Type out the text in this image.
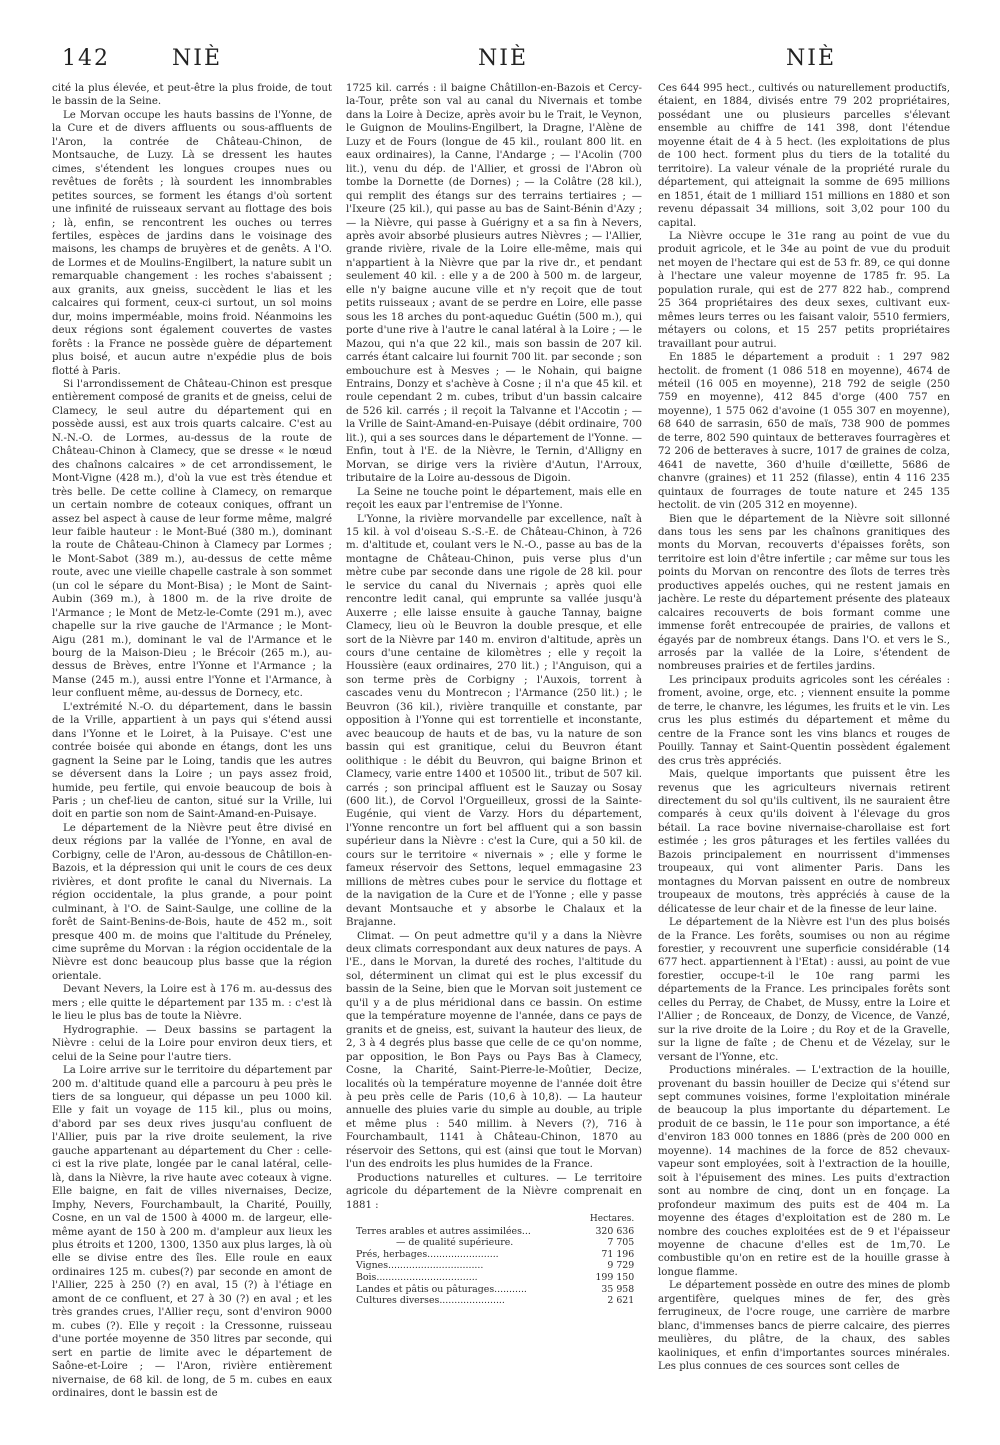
142	NIÈ	NIÈ	NIÈ

cité la plus élevée, et peut-être la plus froide, de tout le bassin de la Seine.

Le Morvan occupe les hauts bassins de l'Yonne, de la Cure et de divers affluents ou sous-affluents de l'Aron, la contrée de Château-Chinon, de Montsauche, de Luzy. Là se dressent les hautes cimes, s'étendent les longues croupes nues ou revêtues de forêts ; là sourdent les innombrables petites sources, se forment les étangs d'où sortent une infinité de ruisseaux servant au flottage des bois ; là, enfin, se rencontrent les ouches ou terres fertiles, espèces de jardins dans le voisinage des maisons, les champs de bruyères et de genêts. A l'O. de Lormes et de Moulins-Engilbert, la nature subit un remarquable changement : les roches s'abaissent ; aux granits, aux gneiss, succèdent le lias et les calcaires qui forment, ceux-ci surtout, un sol moins dur, moins imperméable, moins froid. Néanmoins les deux régions sont également couvertes de vastes forêts : la France ne possède guère de département plus boisé, et aucun autre n'expédie plus de bois flotté à Paris.

Si l'arrondissement de Château-Chinon est presque entièrement composé de granits et de gneiss, celui de Clamecy, le seul autre du département qui en possède aussi, est aux trois quarts calcaire. C'est au N.-N.-O. de Lormes, au-dessus de la route de Château-Chinon à Clamecy, que se dresse « le nœud des chaînons calcaires » de cet arrondissement, le Mont-Vigne (428 m.), d'où la vue est très étendue et très belle. De cette colline à Clamecy, on remarque un certain nombre de coteaux coniques, offrant un assez bel aspect à cause de leur forme même, malgré leur faible hauteur : le Mont-Bué (380 m.), dominant la route de Château-Chinon à Clamecy par Lormes ; le Mont-Sabot (389 m.), au-dessus de cette même route, avec une vieille chapelle castrale à son sommet (un col le sépare du Mont-Bisa) ; le Mont de Saint-Aubin (369 m.), à 1800 m. de la rive droite de l'Armance ; le Mont de Metz-le-Comte (291 m.), avec chapelle sur la rive gauche de l'Armance ; le Mont-Aigu (281 m.), dominant le val de l'Armance et le bourg de la Maison-Dieu ; le Brécoir (265 m.), au-dessus de Brèves, entre l'Yonne et l'Armance ; la Manse (245 m.), aussi entre l'Yonne et l'Armance, à leur confluent même, au-dessus de Dornecy, etc.

L'extrémité N.-O. du département, dans le bassin de la Vrille, appartient à un pays qui s'étend aussi dans l'Yonne et le Loiret, à la Puisaye. C'est une contrée boisée qui abonde en étangs, dont les uns gagnent la Seine par le Loing, tandis que les autres se déversent dans la Loire ; un pays assez froid, humide, peu fertile, qui envoie beaucoup de bois à Paris ; un chef-lieu de canton, situé sur la Vrille, lui doit en partie son nom de Saint-Amand-en-Puisaye.

Le département de la Nièvre peut être divisé en deux régions par la vallée de l'Yonne, en aval de Corbigny, celle de l'Aron, au-dessous de Châtillon-en-Bazois, et la dépression qui unit le cours de ces deux rivières, et dont profite le canal du Nivernais. La région occidentale, la plus grande, a pour point culminant, à l'O. de Saint-Saulge, une colline de la forêt de Saint-Benins-de-Bois, haute de 452 m., soit presque 400 m. de moins que l'altitude du Préneley, cime suprême du Morvan : la région occidentale de la Nièvre est donc beaucoup plus basse que la région orientale.

Devant Nevers, la Loire est à 176 m. au-dessus des mers ; elle quitte le département par 135 m. : c'est là le lieu le plus bas de toute la Nièvre.

Hydrographie. — Deux bassins se partagent la Nièvre : celui de la Loire pour environ deux tiers, et celui de la Seine pour l'autre tiers.

La Loire arrive sur le territoire du département par 200 m. d'altitude quand elle a parcouru à peu près le tiers de sa longueur, qui dépasse un peu 1000 kil. Elle y fait un voyage de 115 kil., plus ou moins, d'abord par ses deux rives jusqu'au confluent de l'Allier, puis par la rive droite seulement, la rive gauche appartenant au département du Cher : celle-ci est la rive plate, longée par le canal latéral, celle-là, dans la Nièvre, la rive haute avec coteaux à vigne. Elle baigne, en fait de villes nivernaises, Decize, Imphy, Nevers, Fourchambault, la Charité, Pouilly, Cosne, en un val de 1500 à 4000 m. de largeur, elle-même ayant de 150 à 200 m. d'ampleur aux lieux les plus étroits et 1200, 1300, 1350 aux plus larges, là où elle se divise entre des îles. Elle roule en eaux ordinaires 125 m. cubes(?) par seconde en amont de l'Allier, 225 à 250 (?) en aval, 15 (?) à l'étiage en amont de ce confluent, et 27 à 30 (?) en aval ; et les très grandes crues, l'Allier reçu, sont d'environ 9000 m. cubes (?). Elle y reçoit : la Cressonne, ruisseau d'une portée moyenne de 350 litres par seconde, qui sert en partie de limite avec le département de Saône-et-Loire ; — l'Aron, rivière entièrement nivernaise, de 68 kil. de long, de 5 m. cubes en eaux ordinaires, dont le bassin est de

1725 kil. carrés : il baigne Châtillon-en-Bazois et Cercy-la-Tour, prête son val au canal du Nivernais et tombe dans la Loire à Decize, après avoir bu le Trait, le Veynon, le Guignon de Moulins-Engilbert, la Dragne, l'Alène de Luzy et de Fours (longue de 45 kil., roulant 800 lit. en eaux ordinaires), la Canne, l'Andarge ; — l'Acolin (700 lit.), venu du dép. de l'Allier, et grossi de l'Abron où tombe la Dornette (de Dornes) ; — la Colâtre (28 kil.), qui remplit des étangs sur des terrains tertiaires ; — l'Ixeure (25 kil.), qui passe au bas de Saint-Bénin d'Azy ; — la Nièvre, qui passe à Guérigny et a sa fin à Nevers, après avoir absorbé plusieurs autres Nièvres ; — l'Allier, grande rivière, rivale de la Loire elle-même, mais qui n'appartient à la Nièvre que par la rive dr., et pendant seulement 40 kil. : elle y a de 200 à 500 m. de largeur, elle n'y baigne aucune ville et n'y reçoit que de tout petits ruisseaux ; avant de se perdre en Loire, elle passe sous les 18 arches du pont-aqueduc Guétin (500 m.), qui porte d'une rive à l'autre le canal latéral à la Loire ; — le Mazou, qui n'a que 22 kil., mais son bassin de 207 kil. carrés étant calcaire lui fournit 700 lit. par seconde ; son embouchure est à Mesves ; — le Nohain, qui baigne Entrains, Donzy et s'achève à Cosne ; il n'a que 45 kil. et roule cependant 2 m. cubes, tribut d'un bassin calcaire de 526 kil. carrés ; il reçoit la Talvanne et l'Accotin ; — la Vrille de Saint-Amand-en-Puisaye (débit ordinaire, 700 lit.), qui a ses sources dans le département de l'Yonne. — Enfin, tout à l'E. de la Nièvre, le Ternin, d'Alligny en Morvan, se dirige vers la rivière d'Autun, l'Arroux, tributaire de la Loire au-dessous de Digoin.

La Seine ne touche point le département, mais elle en reçoit les eaux par l'entremise de l'Yonne.

L'Yonne, la rivière morvandelle par excellence, naît à 15 kil. à vol d'oiseau S.-S.-E. de Château-Chinon, à 726 m. d'altitude et, coulant vers le N.-O., passe au bas de la montagne de Château-Chinon, puis verse plus d'un mètre cube par seconde dans une rigole de 28 kil. pour le service du canal du Nivernais ; après quoi elle rencontre ledit canal, qui emprunte sa vallée jusqu'à Auxerre ; elle laisse ensuite à gauche Tannay, baigne Clamecy, lieu où le Beuvron la double presque, et elle sort de la Nièvre par 140 m. environ d'altitude, après un cours d'une centaine de kilomètres ; elle y reçoit la Houssière (eaux ordinaires, 270 lit.) ; l'Anguison, qui a son terme près de Corbigny ; l'Auxois, torrent à cascades venu du Montrecon ; l'Armance (250 lit.) ; le Beuvron (36 kil.), rivière tranquille et constante, par opposition à l'Yonne qui est torrentielle et inconstante, avec beaucoup de hauts et de bas, vu la nature de son bassin qui est granitique, celui du Beuvron étant oolithique : le débit du Beuvron, qui baigne Brinon et Clamecy, varie entre 1400 et 10500 lit., tribut de 507 kil. carrés ; son principal affluent est le Sauzay ou Sosay (600 lit.), de Corvol l'Orgueilleux, grossi de la Sainte-Eugénie, qui vient de Varzy. Hors du département, l'Yonne rencontre un fort bel affluent qui a son bassin supérieur dans la Nièvre : c'est la Cure, qui a 50 kil. de cours sur le territoire « nivernais » ; elle y forme le fameux réservoir des Settons, lequel emmagasine 23 millions de mètres cubes pour le service du flottage et de la navigation de la Cure et de l'Yonne ; elle y passe devant Montsauche et y absorbe le Chalaux et la Brajanne.

Climat. — On peut admettre qu'il y a dans la Nièvre deux climats correspondant aux deux natures de pays. A l'E., dans le Morvan, la dureté des roches, l'altitude du sol, déterminent un climat qui est le plus excessif du bassin de la Seine, bien que le Morvan soit justement ce qu'il y a de plus méridional dans ce bassin. On estime que la température moyenne de l'année, dans ce pays de granits et de gneiss, est, suivant la hauteur des lieux, de 2, 3 à 4 degrés plus basse que celle de ce qu'on nomme, par opposition, le Bon Pays ou Pays Bas à Clamecy, Cosne, la Charité, Saint-Pierre-le-Moûtier, Decize, localités où la température moyenne de l'année doit être à peu près celle de Paris (10,6 à 10,8). — La hauteur annuelle des pluies varie du simple au double, au triple et même plus : 540 millim. à Nevers (?), 716 à Fourchambault, 1141 à Château-Chinon, 1870 au réservoir des Settons, qui est (ainsi que tout le Morvan) l'un des endroits les plus humides de la France.

Productions naturelles et cultures. — Le territoire agricole du département de la Nièvre comprenait en 1881 :

	Hectares.
Terres arables et autres assimilées...	320 636
— de qualité supérieure.	7 705
Prés, herbages........................	71 196
Vignes................................	9 729
Bois..................................	199 150
Landes et pâtis ou pâturages...........	35 958
Cultures diverses......................	2 621

Ces 644 995 hect., cultivés ou naturellement productifs, étaient, en 1884, divisés entre 79 202 propriétaires, possédant une ou plusieurs parcelles s'élevant ensemble au chiffre de 141 398, dont l'étendue moyenne était de 4 à 5 hect. (les exploitations de plus de 100 hect. forment plus du tiers de la totalité du territoire). La valeur vénale de la propriété rurale du département, qui atteignait la somme de 695 millions en 1851, était de 1 milliard 151 millions en 1880 et son revenu dépassait 34 millions, soit 3,02 pour 100 du capital.

La Nièvre occupe le 31e rang au point de vue du produit agricole, et le 34e au point de vue du produit net moyen de l'hectare qui est de 53 fr. 89, ce qui donne à l'hectare une valeur moyenne de 1785 fr. 95. La population rurale, qui est de 277 822 hab., comprend 25 364 propriétaires des deux sexes, cultivant eux-mêmes leurs terres ou les faisant valoir, 5510 fermiers, métayers ou colons, et 15 257 petits propriétaires travaillant pour autrui.

En 1885 le département a produit : 1 297 982 hectolit. de froment (1 086 518 en moyenne), 4674 de méteil (16 005 en moyenne), 218 792 de seigle (250 759 en moyenne), 412 845 d'orge (400 757 en moyenne), 1 575 062 d'avoine (1 055 307 en moyenne), 68 640 de sarrasin, 650 de maïs, 738 900 de pommes de terre, 802 590 quintaux de betteraves fourragères et 72 206 de betteraves à sucre, 1017 de graines de colza, 4641 de navette, 360 d'huile d'œillette, 5686 de chanvre (graines) et 11 252 (filasse), entin 4 116 235 quintaux de fourrages de toute nature et 245 135 hectolit. de vin (205 312 en moyenne).

Bien que le département de la Nièvre soit sillonné dans tous les sens par les chaînons granitiques des monts du Morvan, recouverts d'épaisses forêts, son territoire est loin d'être infertile ; car même sur tous les points du Morvan on rencontre des îlots de terres très productives appelés ouches, qui ne restent jamais en jachère. Le reste du département présente des plateaux calcaires recouverts de bois formant comme une immense forêt entrecoupée de prairies, de vallons et égayés par de nombreux étangs. Dans l'O. et vers le S., arrosés par la vallée de la Loire, s'étendent de nombreuses prairies et de fertiles jardins.

Les principaux produits agricoles sont les céréales : froment, avoine, orge, etc. ; viennent ensuite la pomme de terre, le chanvre, les légumes, les fruits et le vin. Les crus les plus estimés du département et même du centre de la France sont les vins blancs et rouges de Pouilly. Tannay et Saint-Quentin possèdent également des crus très appréciés.

Mais, quelque importants que puissent être les revenus que les agriculteurs nivernais retirent directement du sol qu'ils cultivent, ils ne sauraient être comparés à ceux qu'ils doivent à l'élevage du gros bétail. La race bovine nivernaise-charollaise est fort estimée ; les gros pâturages et les fertiles vallées du Bazois principalement en nourrissent d'immenses troupeaux, qui vont alimenter Paris. Dans les montagnes du Morvan paissent en outre de nombreux troupeaux de moutons, très appréciés à cause de la délicatesse de leur chair et de la finesse de leur laine.

Le département de la Nièvre est l'un des plus boisés de la France. Les forêts, soumises ou non au régime forestier, y recouvrent une superficie considérable (14 677 hect. appartiennent à l'Etat) : aussi, au point de vue forestier, occupe-t-il le 10e rang parmi les départements de la France. Les principales forêts sont celles du Perray, de Chabet, de Mussy, entre la Loire et l'Allier ; de Ronceaux, de Donzy, de Vicence, de Vanzé, sur la rive droite de la Loire ; du Roy et de la Gravelle, sur la ligne de faîte ; de Chenu et de Vézelay, sur le versant de l'Yonne, etc.

Productions minérales. — L'extraction de la houille, provenant du bassin houiller de Decize qui s'étend sur sept communes voisines, forme l'exploitation minérale de beaucoup la plus importante du département. Le produit de ce bassin, le 11e pour son importance, a été d'environ 183 000 tonnes en 1886 (près de 200 000 en moyenne). 14 machines de la force de 852 chevaux-vapeur sont employées, soit à l'extraction de la houille, soit à l'épuisement des mines. Les puits d'extraction sont au nombre de cinq, dont un en fonçage. La profondeur maximum des puits est de 404 m. La moyenne des étages d'exploitation est de 280 m. Le nombre des couches exploitées est de 9 et l'épaisseur moyenne de chacune d'elles est de 1m,70. Le combustible qu'on en retire est de la houille grasse à longue flamme.

Le département possède en outre des mines de plomb argentifère, quelques mines de fer, des grès ferrugineux, de l'ocre rouge, une carrière de marbre blanc, d'immenses bancs de pierre calcaire, des pierres meulières, du plâtre, de la chaux, des sables kaoliniques, et enfin d'importantes sources minérales. Les plus connues de ces sources sont celles de
